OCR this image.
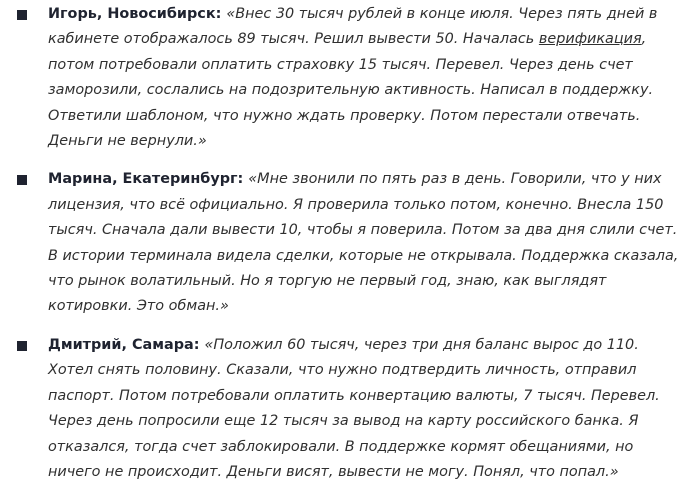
Игорь, Новосибирск: «Внес 30 тысяч рублей в конце июля. Через пять дней в кабинете отображалось 89 тысяч. Решил вывести 50. Началась верификация, потом потребовали оплатить страховку 15 тысяч. Перевел. Через день счет заморозили, сослались на подозрительную активность. Написал в поддержку. Ответили шаблоном, что нужно ждать проверку. Потом перестали отвечать. Деньги не вернули.»
Марина, Екатеринбург: «Мне звонили по пять раз в день. Говорили, что у них лицензия, что всё официально. Я проверила только потом, конечно. Внесла 150 тысяч. Сначала дали вывести 10, чтобы я поверила. Потом за два дня слили счет. В истории терминала видела сделки, которые не открывала. Поддержка сказала, что рынок волатильный. Но я торгую не первый год, знаю, как выглядят котировки. Это обман.»
Дмитрий, Самара: «Положил 60 тысяч, через три дня баланс вырос до 110. Хотел снять половину. Сказали, что нужно подтвердить личность, отправил паспорт. Потом потребовали оплатить конвертацию валюты, 7 тысяч. Перевел. Через день попросили еще 12 тысяч за вывод на карту российского банка. Я отказался, тогда счет заблокировали. В поддержке кормят обещаниями, но ничего не происходит. Деньги висят, вывести не могу. Понял, что попал.»
